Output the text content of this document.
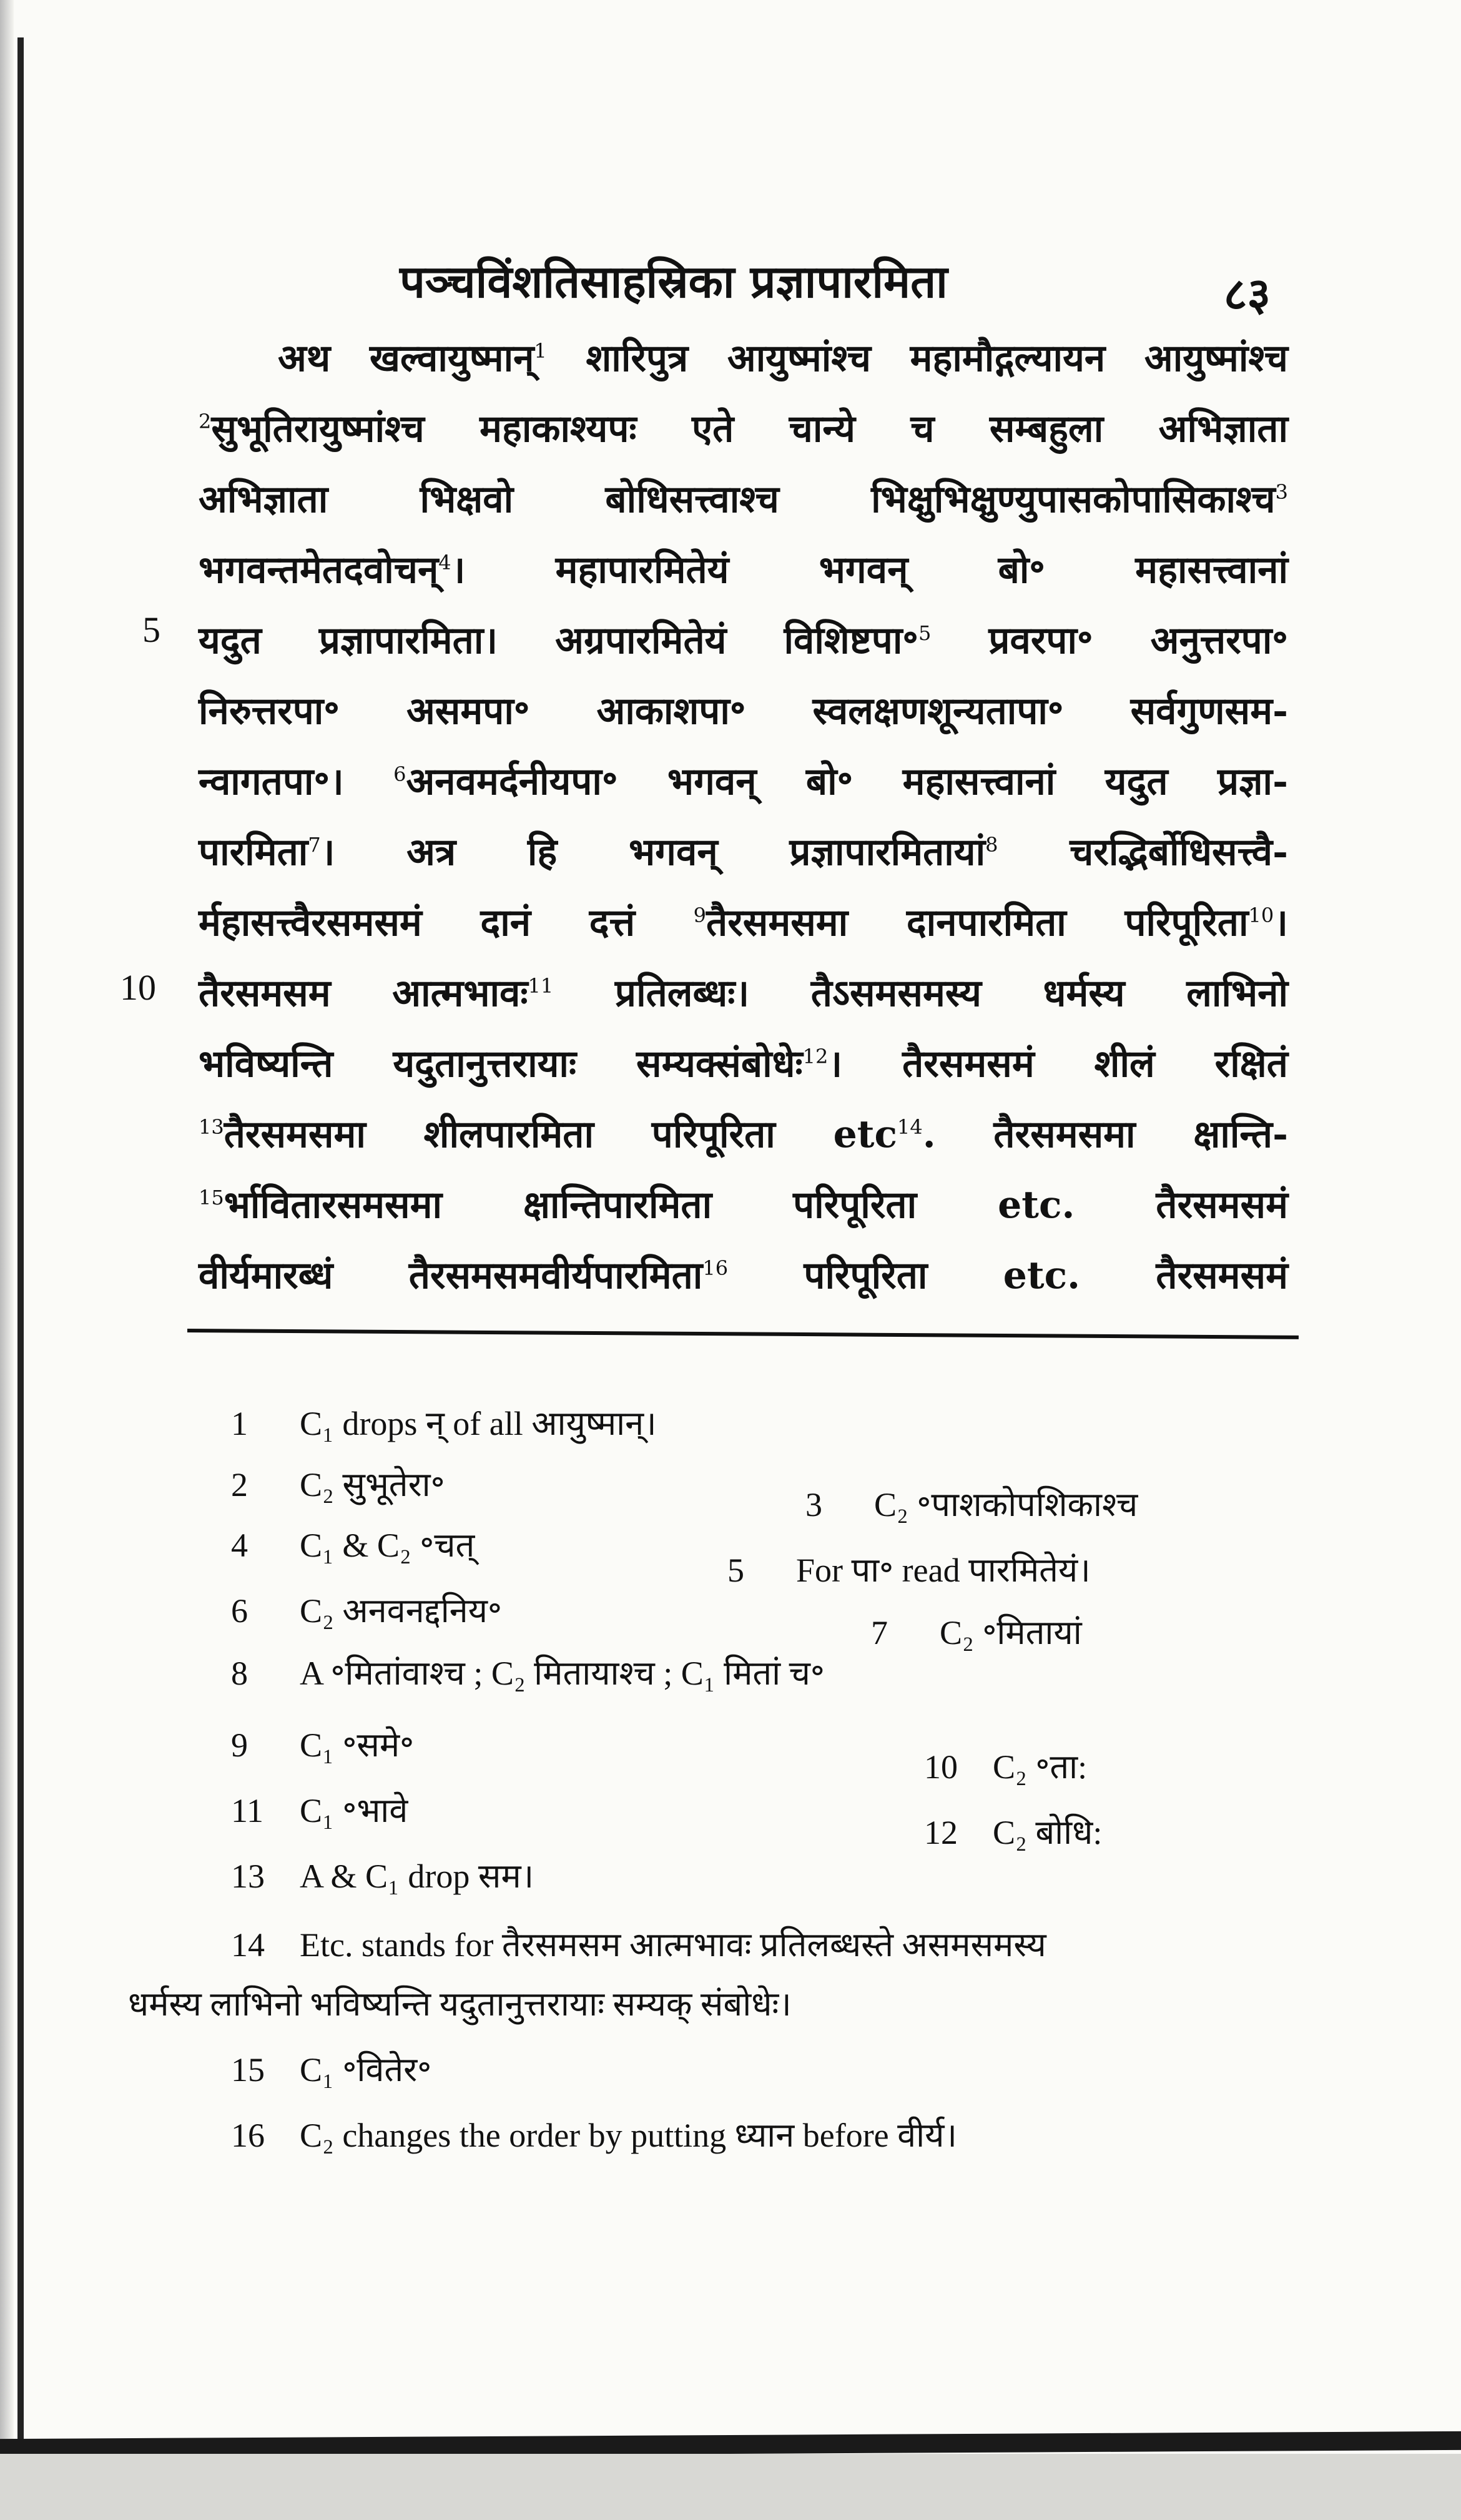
पञ्चविंशतिसाहस्रिका प्रज्ञापारमिता	८३
5
10
अथ खल्वायुष्मान्$^1$ शारिपुत्र आयुष्मांश्च महामौद्गल्यायन आयुष्मांश्च
$^2$सुभूतिरायुष्मांश्च महाकाश्यपः एते चान्ये च सम्बहुला अभिज्ञाता
अभिज्ञाता भिक्षवो बोधिसत्त्वाश्च भिक्षुभिक्षुण्युपासकोपासिकाश्च$^3$
भगवन्तमेतदवोचन्$^4$। महापारमितेयं भगवन् बो॰ महासत्त्वानां
यदुत प्रज्ञापारमिता। अग्रपारमितेयं विशिष्टपा॰$^5$ प्रवरपा॰ अनुत्तरपा॰
निरुत्तरपा॰ असमपा॰ आकाशपा॰ स्वलक्षणशून्यतापा॰ सर्वगुणसम-
न्वागतपा॰। $^6$अनवमर्दनीयपा॰ भगवन् बो॰ महासत्त्वानां यदुत प्रज्ञा-
पारमिता$^7$। अत्र हि भगवन् प्रज्ञापारमितायां$^8$ चरद्भिर्बोधिसत्त्वै-
र्महासत्त्वैरसमसमं दानं दत्तं $^9$तैरसमसमा दानपारमिता परिपूरिता$^{10}$।
तैरसमसम आत्मभावः$^{11}$ प्रतिलब्धः। तैऽसमसमस्य धर्मस्य लाभिनो
भविष्यन्ति यदुतानुत्तरायाः सम्यक्संबोधेः$^{12}$। तैरसमसमं शीलं रक्षितं
$^{13}$तैरसमसमा शीलपारमिता परिपूरिता etc$^{14}$. तैरसमसमा क्षान्ति-
$^{15}$र्भावितारसमसमा क्षान्तिपारमिता परिपूरिता etc. तैरसमसमं
वीर्यमारब्धं तैरसमसमवीर्यपारमिता$^{16}$ परिपूरिता etc. तैरसमसमं
1 C₁ drops न् of all आयुष्मान्।
2 C₂ सुभूतेरा॰
3 C₂ ॰पाशकोपशिकाश्च
4 C₁ & C₂ ॰चत्
5 For पा॰ read पारमितेयं।
6 C₂ अनवनद्दनिय॰
7 C₂ ॰मितायां
8 A ॰मितांवाश्च ; C₂ मितायाश्च ; C₁ मितां च॰
9 C₁ ॰समे॰
10 C₂ ॰ता:
11 C₁ ॰भावे
12 C₂ बोधि:
13 A & C₁ drop सम।
14 Etc. stands for तैरसमसम आत्मभावः प्रतिलब्धस्ते असमसमस्य
धर्मस्य लाभिनो भविष्यन्ति यदुतानुत्तरायाः सम्यक् संबोधेः।
15 C₁ ॰वितेर॰
16 C₂ changes the order by putting ध्यान before वीर्य।
